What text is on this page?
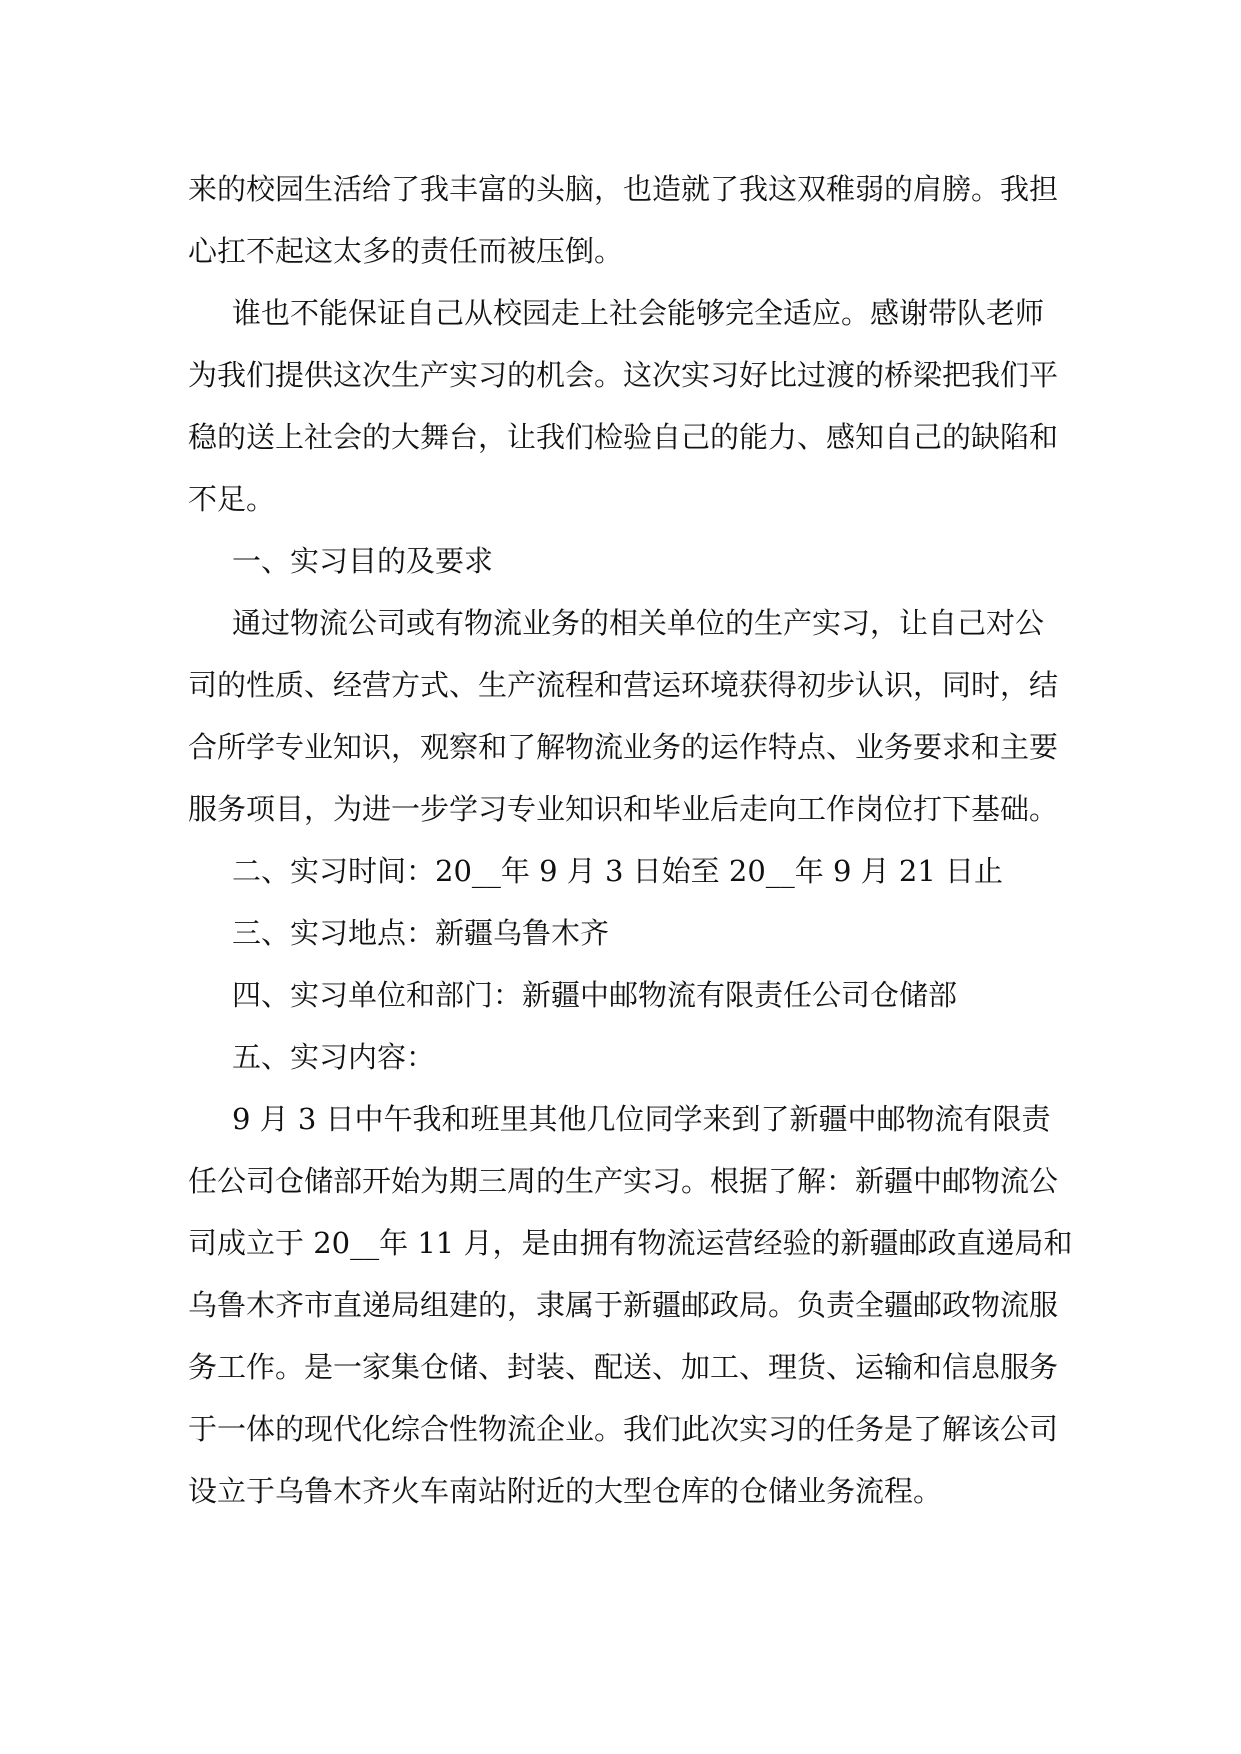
来的校园生活给了我丰富的头脑，也造就了我这双稚弱的肩膀。我担
心扛不起这太多的责任而被压倒。
谁也不能保证自己从校园走上社会能够完全适应。感谢带队老师
为我们提供这次生产实习的机会。这次实习好比过渡的桥梁把我们平
稳的送上社会的大舞台，让我们检验自己的能力、感知自己的缺陷和
不足。
一、实习目的及要求
通过物流公司或有物流业务的相关单位的生产实习，让自己对公
司的性质、经营方式、生产流程和营运环境获得初步认识，同时，结
合所学专业知识，观察和了解物流业务的运作特点、业务要求和主要
服务项目，为进一步学习专业知识和毕业后走向工作岗位打下基础。
二、实习时间：20__年 9 月 3 日始至 20__年 9 月 21 日止
三、实习地点：新疆乌鲁木齐
四、实习单位和部门：新疆中邮物流有限责任公司仓储部
五、实习内容：
9 月 3 日中午我和班里其他几位同学来到了新疆中邮物流有限责
任公司仓储部开始为期三周的生产实习。根据了解：新疆中邮物流公
司成立于 20__年 11 月，是由拥有物流运营经验的新疆邮政直递局和
乌鲁木齐市直递局组建的，隶属于新疆邮政局。负责全疆邮政物流服
务工作。是一家集仓储、封装、配送、加工、理货、运输和信息服务
于一体的现代化综合性物流企业。我们此次实习的任务是了解该公司
设立于乌鲁木齐火车南站附近的大型仓库的仓储业务流程。
